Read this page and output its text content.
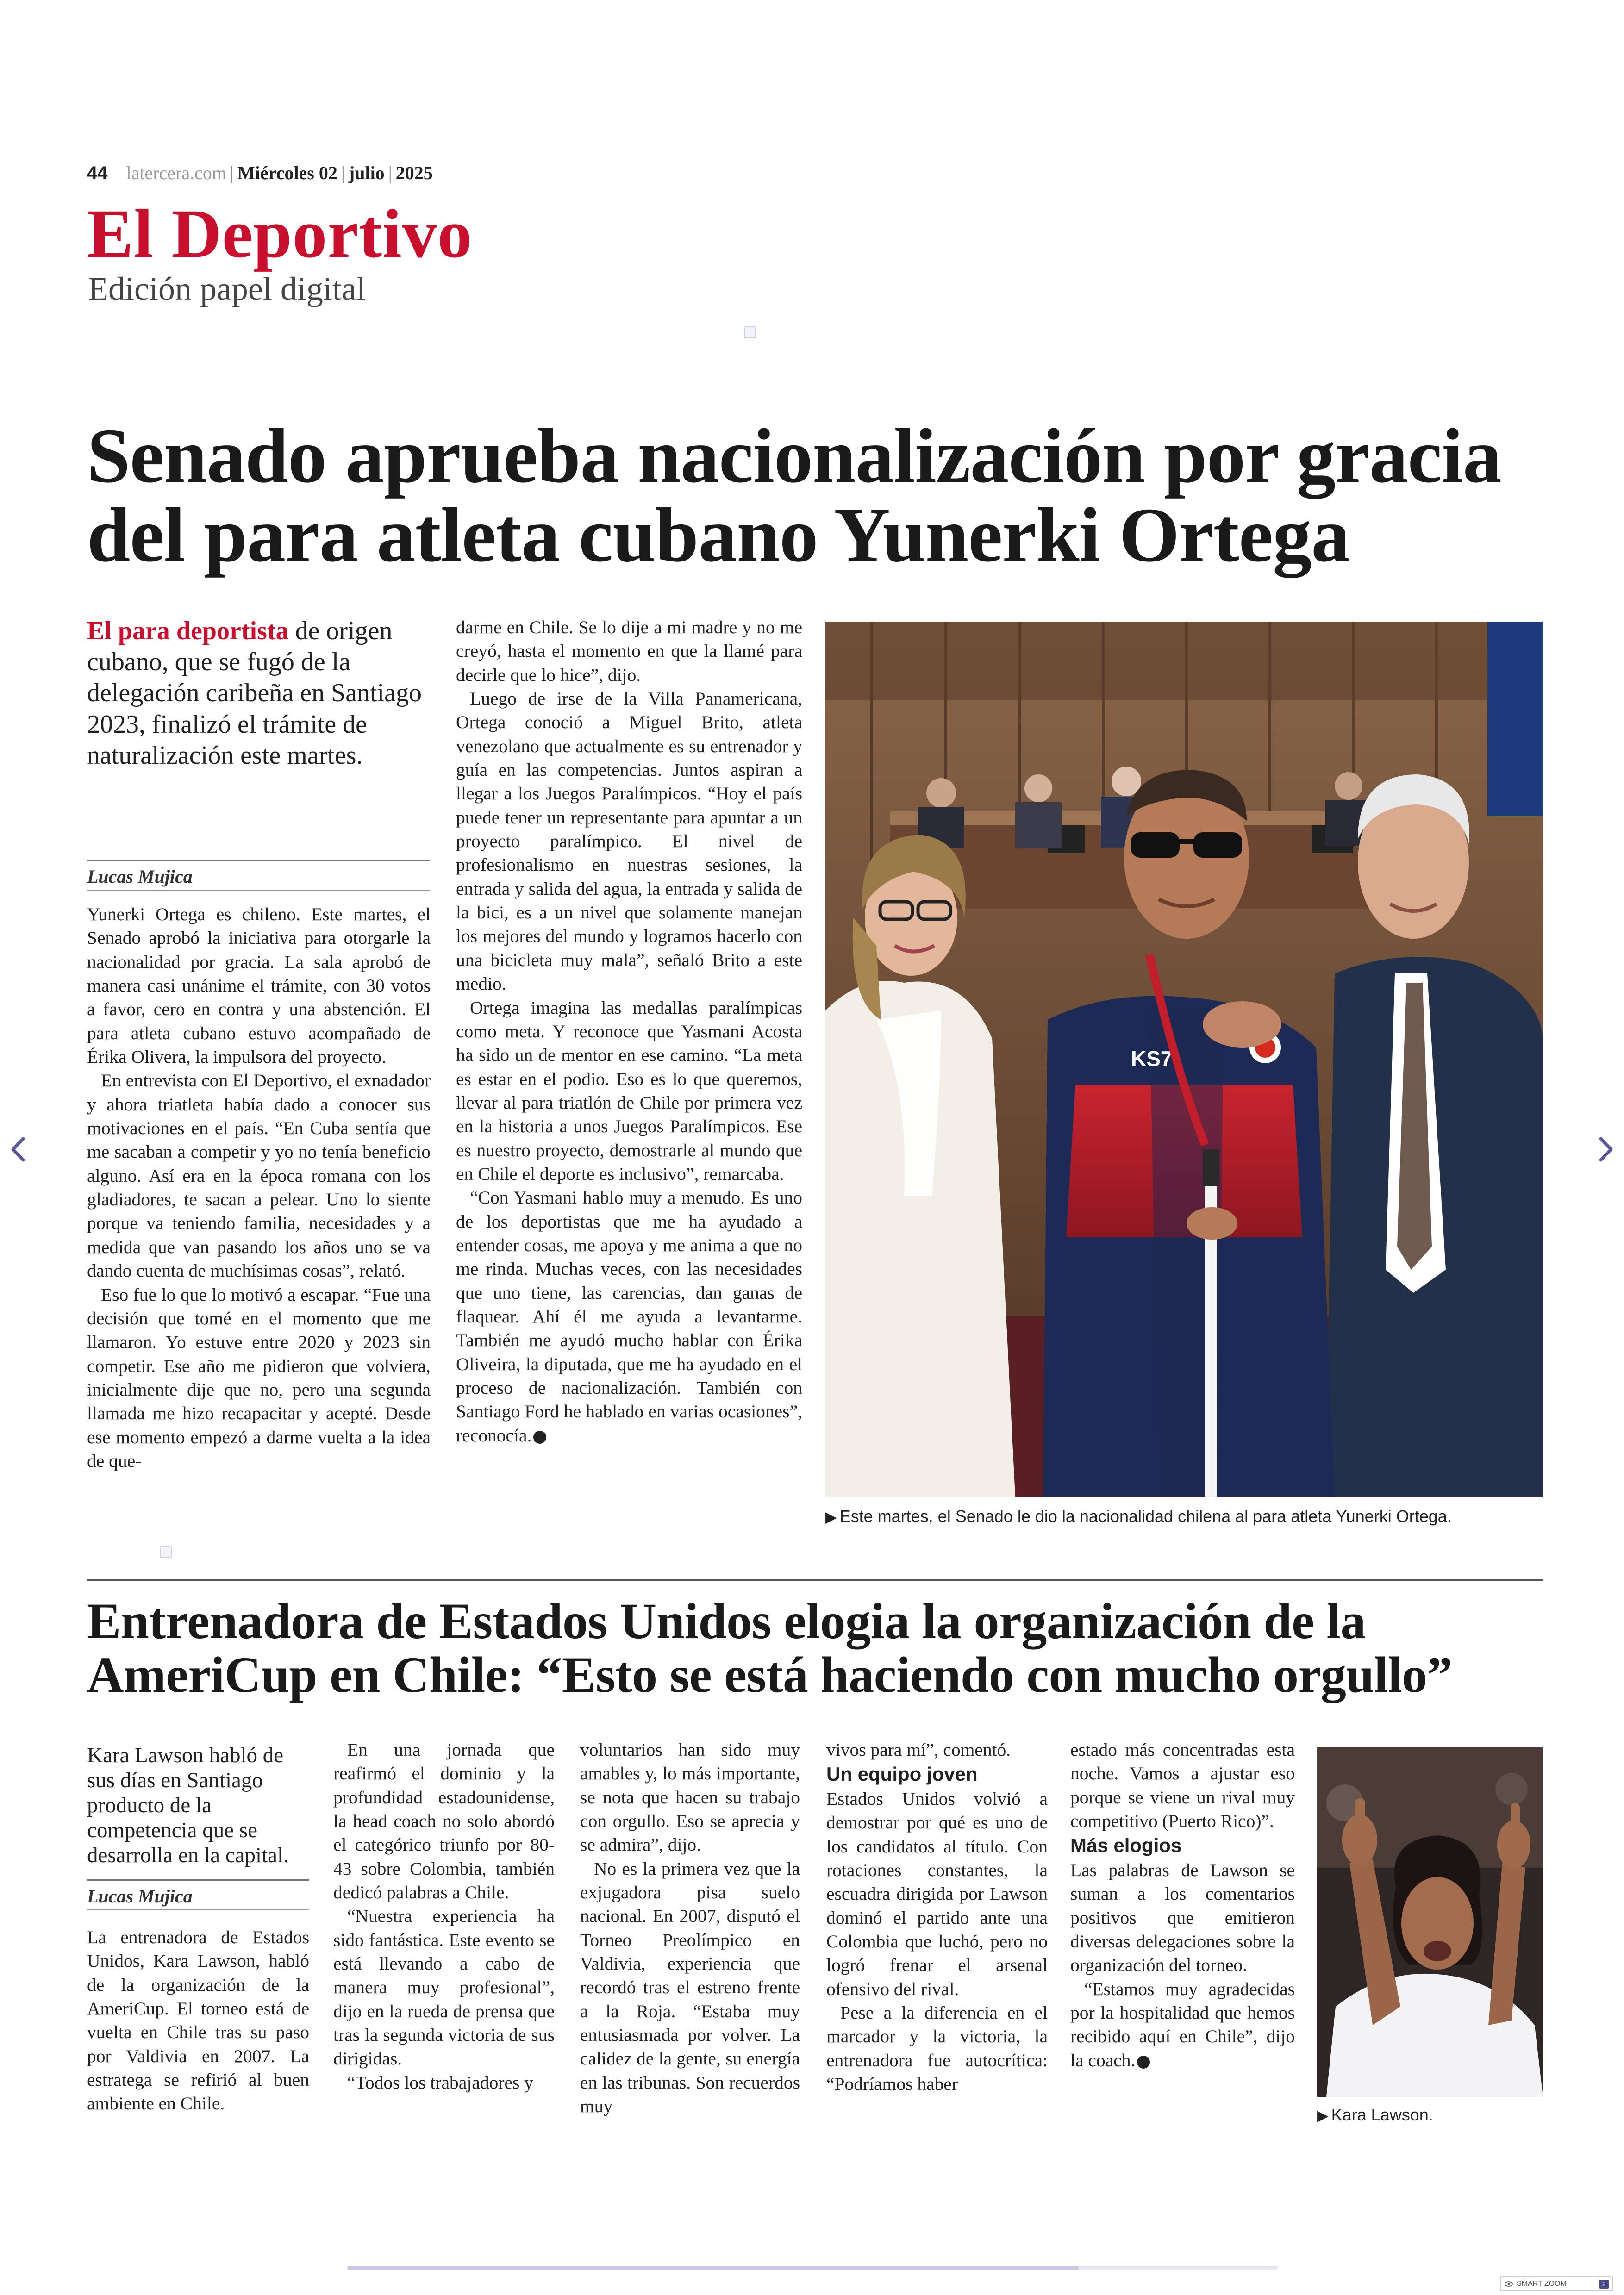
44 latercera.com | Miércoles 02 | julio | 2025
El Deportivo
Edición papel digital
Senado aprueba nacionalización por gracia del para atleta cubano Yunerki Ortega
El para deportista de origen cubano, que se fugó de la delegación caribeña en Santiago 2023, finalizó el trámite de naturalización este martes.
Lucas Mujica

Yunerki Ortega es chileno. Este martes, el Senado aprobó la iniciativa para otorgarle la nacionalidad por gracia. La sala aprobó de manera casi unánime el trámite, con 30 votos a favor, cero en contra y una abstención. El para atleta cubano estuvo acompañado de Érika Olivera, la impulsora del proyecto.

En entrevista con El Deportivo, el exnadador y ahora triatleta había dado a conocer sus motivaciones en el país. “En Cuba sentía que me sacaban a competir y yo no tenía beneficio alguno. Así era en la época romana con los gladiadores, te sacan a pelear. Uno lo siente porque va teniendo familia, necesidades y a medida que van pasando los años uno se va dando cuenta de muchísimas cosas”, relató.

Eso fue lo que lo motivó a escapar. “Fue una decisión que tomé en el momento que me llamaron. Yo estuve entre 2020 y 2023 sin competir. Ese año me pidieron que volviera, inicialmente dije que no, pero una segunda llamada me hizo recapacitar y acepté. Desde ese momento empezó a darme vuelta a la idea de que-

darme en Chile. Se lo dije a mi madre y no me creyó, hasta el momento en que la llamé para decirle que lo hice”, dijo.

Luego de irse de la Villa Panamericana, Ortega conoció a Miguel Brito, atleta venezolano que actualmente es su entrenador y guía en las competencias. Juntos aspiran a llegar a los Juegos Paralímpicos. “Hoy el país puede tener un representante para apuntar a un proyecto paralímpico. El nivel de profesionalismo en nuestras sesiones, la entrada y salida del agua, la entrada y salida de la bici, es a un nivel que solamente manejan los mejores del mundo y logramos hacerlo con una bicicleta muy mala”, señaló Brito a este medio.

Ortega imagina las medallas paralímpicas como meta. Y reconoce que Yasmani Acosta ha sido un de mentor en ese camino. “La meta es estar en el podio. Eso es lo que queremos, llevar al para triatlón de Chile por primera vez en la historia a unos Juegos Paralímpicos. Ese es nuestro proyecto, demostrarle al mundo que en Chile el deporte es inclusivo”, remarcaba.

“Con Yasmani hablo muy a menudo. Es uno de los deportistas que me ha ayudado a entender cosas, me apoya y me anima a que no me rinda. Muchas veces, con las necesidades que uno tiene, las carencias, dan ganas de flaquear. Ahí él me ayuda a levantarme. También me ayudó mucho hablar con Érika Oliveira, la diputada, que me ha ayudado en el proceso de nacionalización. También con Santiago Ford he hablado en varias ocasiones”, reconocía.

KS7
▶ Este martes, el Senado le dio la nacionalidad chilena al para atleta Yunerki Ortega.
Entrenadora de Estados Unidos elogia la organización de la AmeriCup en Chile: “Esto se está haciendo con mucho orgullo”
Kara Lawson habló de sus días en Santiago producto de la competencia que se desarrolla en la capital.
Lucas Mujica

La entrenadora de Estados Unidos, Kara Lawson, habló de la organización de la AmeriCup. El torneo está de vuelta en Chile tras su paso por Valdivia en 2007. La estratega se refirió al buen ambiente en Chile.

En una jornada que reafirmó el dominio y la profundidad estadounidense, la head coach no solo abordó el categórico triunfo por 80-43 sobre Colombia, también dedicó palabras a Chile.

“Nuestra experiencia ha sido fantástica. Este evento se está llevando a cabo de manera muy profesional”, dijo en la rueda de prensa que tras la segunda victoria de sus dirigidas.

“Todos los trabajadores y

voluntarios han sido muy amables y, lo más importante, se nota que hacen su trabajo con orgullo. Eso se aprecia y se admira”, dijo.

No es la primera vez que la exjugadora pisa suelo nacional. En 2007, disputó el Torneo Preolímpico en Valdivia, experiencia que recordó tras el estreno frente a la Roja. “Estaba muy entusiasmada por volver. La calidez de la gente, su energía en las tribunas. Son recuerdos muy

vivos para mí”, comentó.

Un equipo joven

Estados Unidos volvió a demostrar por qué es uno de los candidatos al título. Con rotaciones constantes, la escuadra dirigida por Lawson dominó el partido ante una Colombia que luchó, pero no logró frenar el arsenal ofensivo del rival.

Pese a la diferencia en el marcador y la victoria, la entrenadora fue autocrítica: “Podríamos haber

estado más concentradas esta noche. Vamos a ajustar eso porque se viene un rival muy competitivo (Puerto Rico)”.

Más elogios

Las palabras de Lawson se suman a los comentarios positivos que emitieron diversas delegaciones sobre la organización del torneo.

“Estamos muy agradecidas por la hospitalidad que hemos recibido aquí en Chile”, dijo la coach.

▶ Kara Lawson.
SMART ZOOM	2
